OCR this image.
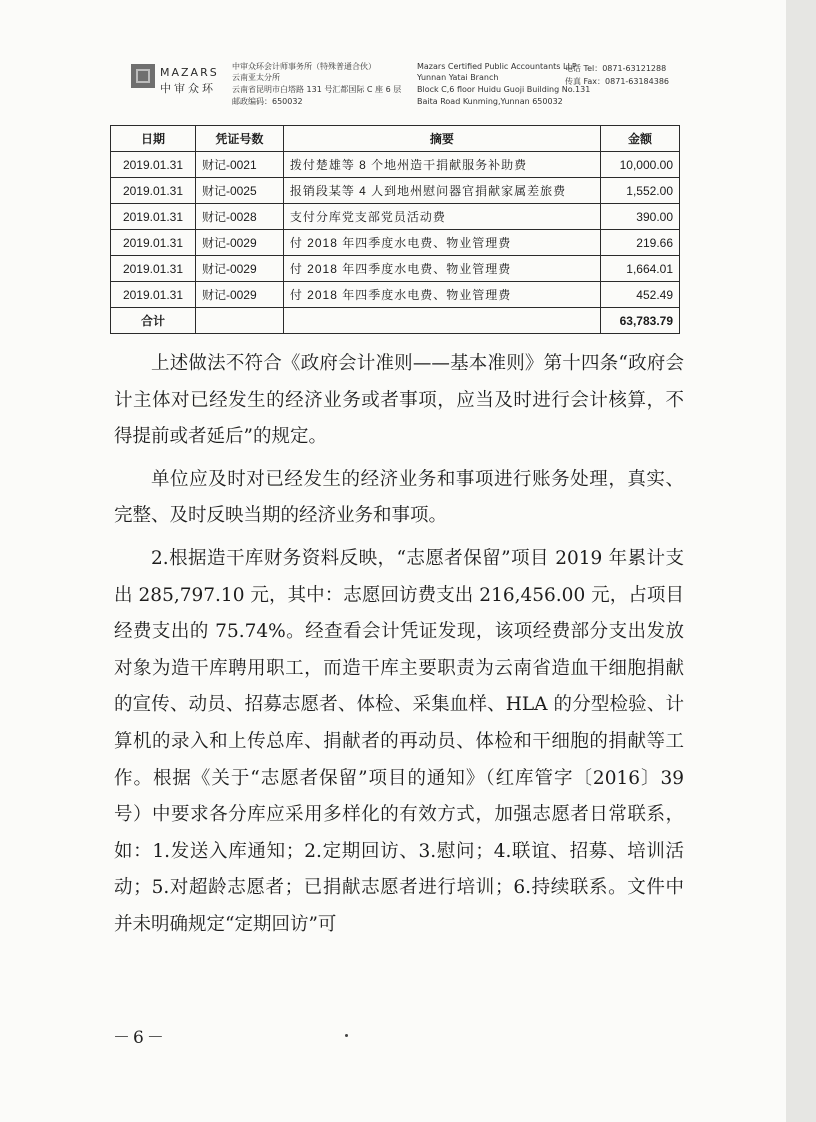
MAZARS
中审众环
中审众环会计师事务所（特殊普通合伙）
云南亚太分所
云南省昆明市白塔路 131 号汇都国际 C 座 6 层
邮政编码：650032
Mazars Certified Public Accountants LLP
Yunnan Yatai Branch
Block C,6 floor Huidu Guoji Building No.131
Baita Road Kunming,Yunnan 650032
电话 Tel：0871-63121288
传真 Fax：0871-63184386
日期	凭证号数	摘要	金额
2019.01.31	财记-0021	拨付楚雄等 8 个地州造干捐献服务补助费	10,000.00
2019.01.31	财记-0025	报销段某等 4 人到地州慰问器官捐献家属差旅费	1,552.00
2019.01.31	财记-0028	支付分库党支部党员活动费	390.00
2019.01.31	财记-0029	付 2018 年四季度水电费、物业管理费	219.66
2019.01.31	财记-0029	付 2018 年四季度水电费、物业管理费	1,664.01
2019.01.31	财记-0029	付 2018 年四季度水电费、物业管理费	452.49
合计			63,783.79

上述做法不符合《政府会计准则——基本准则》第十四条“政府会计主体对已经发生的经济业务或者事项，应当及时进行会计核算，不得提前或者延后”的规定。

单位应及时对已经发生的经济业务和事项进行账务处理，真实、完整、及时反映当期的经济业务和事项。

2.根据造干库财务资料反映，“志愿者保留”项目 2019 年累计支出 285,797.10 元，其中：志愿回访费支出 216,456.00 元，占项目经费支出的 75.74%。经查看会计凭证发现，该项经费部分支出发放对象为造干库聘用职工，而造干库主要职责为云南省造血干细胞捐献的宣传、动员、招募志愿者、体检、采集血样、HLA 的分型检验、计算机的录入和上传总库、捐献者的再动员、体检和干细胞的捐献等工作。根据《关于“志愿者保留”项目的通知》（红库管字〔2016〕39 号）中要求各分库应采用多样化的有效方式，加强志愿者日常联系，如：1.发送入库通知；2.定期回访、3.慰问；4.联谊、招募、培训活动；5.对超龄志愿者；已捐献志愿者进行培训；6.持续联系。文件中并未明确规定“定期回访”可

－6－
